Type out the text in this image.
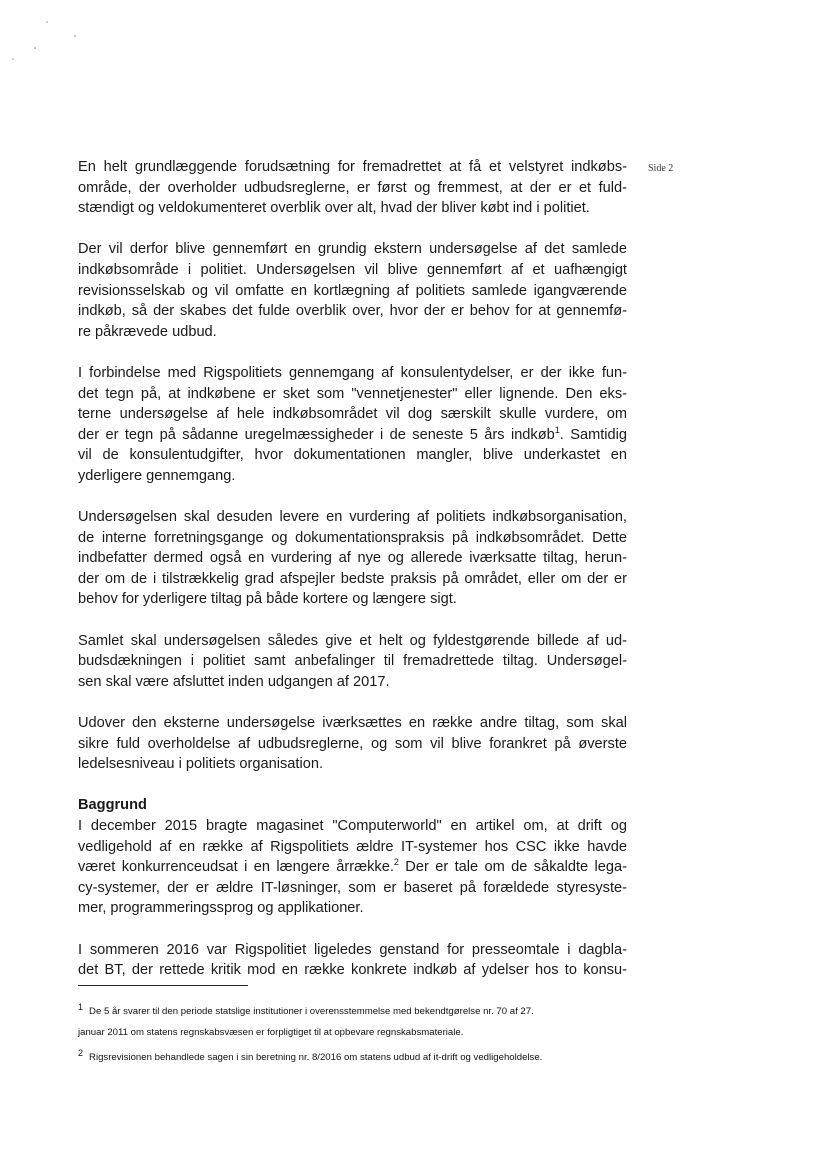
Side 2

En helt grundlæggende forudsætning for fremadrettet at få et velstyret indkøbs-
område, der overholder udbudsreglerne, er først og fremmest, at der er et fuld-
stændigt og veldokumenteret overblik over alt, hvad der bliver købt ind i politiet.

Der vil derfor blive gennemført en grundig ekstern undersøgelse af det samlede
indkøbsområde i politiet. Undersøgelsen vil blive gennemført af et uafhængigt
revisionsselskab og vil omfatte en kortlægning af politiets samlede igangværende
indkøb, så der skabes det fulde overblik over, hvor der er behov for at gennemfø-
re påkrævede udbud.

I forbindelse med Rigspolitiets gennemgang af konsulentydelser, er der ikke fun-
det tegn på, at indkøbene er sket som "vennetjenester" eller lignende. Den eks-
terne undersøgelse af hele indkøbsområdet vil dog særskilt skulle vurdere, om
der er tegn på sådanne uregelmæssigheder i de seneste 5 års indkøb$^1$. Samtidig
vil de konsulentudgifter, hvor dokumentationen mangler, blive underkastet en
yderligere gennemgang.

Undersøgelsen skal desuden levere en vurdering af politiets indkøbsorganisation,
de interne forretningsgange og dokumentationspraksis på indkøbsområdet. Dette
indbefatter dermed også en vurdering af nye og allerede iværksatte tiltag, herun-
der om de i tilstrækkelig grad afspejler bedste praksis på området, eller om der er
behov for yderligere tiltag på både kortere og længere sigt.

Samlet skal undersøgelsen således give et helt og fyldestgørende billede af ud-
budsdækningen i politiet samt anbefalinger til fremadrettede tiltag. Undersøgel-
sen skal være afsluttet inden udgangen af 2017.

Udover den eksterne undersøgelse iværksættes en række andre tiltag, som skal
sikre fuld overholdelse af udbudsreglerne, og som vil blive forankret på øverste
ledelsesniveau i politiets organisation.

Baggrund
I december 2015 bragte magasinet "Computerworld" en artikel om, at drift og
vedligehold af en række af Rigspolitiets ældre IT-systemer hos CSC ikke havde
været konkurrenceudsat i en længere årrække.$^2$ Der er tale om de såkaldte lega-
cy-systemer, der er ældre IT-løsninger, som er baseret på forældede styresyste-
mer, programmeringssprog og applikationer.

I sommeren 2016 var Rigspolitiet ligeledes genstand for presseomtale i dagbla-
det BT, der rettede kritik mod en række konkrete indkøb af ydelser hos to konsu-

1 De 5 år svarer til den periode statslige institutioner i overensstemmelse med bekendtgørelse nr. 70 af 27.
januar 2011 om statens regnskabsvæsen er forpligtiget til at opbevare regnskabsmateriale.
2 Rigsrevisionen behandlede sagen i sin beretning nr. 8/2016 om statens udbud af it-drift og vedligeholdelse.
